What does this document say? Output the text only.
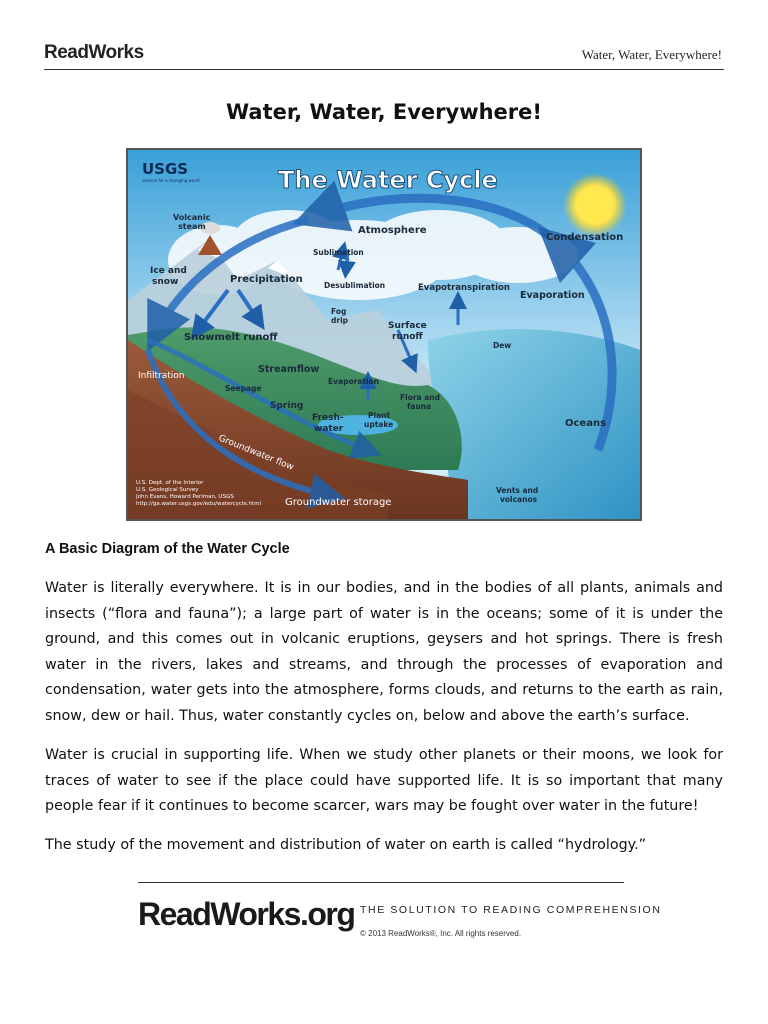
ReadWorks	Water, Water, Everywhere!
Water, Water, Everywhere!
USGS
science for a changing world	The Water Cycle
Volcanic
steam	Atmosphere
Condensation
Sublimation
Desublimation
Ice and
snow	Precipitation
Evapotranspiration
Evaporation
Fog
drip
Surface
runoff
Snowmelt runoff
Dew
Infiltration
Streamflow
Evaporation
Seepage
Spring
Flora and
fauna
Fresh-
water
Plant
uptake	Oceans
Groundwater flow
Vents and
volcanos
Groundwater storage
U.S. Dept. of the Interior
U.S. Geological Survey
John Evans, Howard Perlman, USGS
http://ga.water.usgs.gov/edu/watercycle.html
A Basic Diagram of the Water Cycle

Water is literally everywhere. It is in our bodies, and in the bodies of all plants, animals and insects (“flora and fauna”); a large part of water is in the oceans; some of it is under the ground, and this comes out in volcanic eruptions, geysers and hot springs. There is fresh water in the rivers, lakes and streams, and through the processes of evaporation and condensation, water gets into the atmosphere, forms clouds, and returns to the earth as rain, snow, dew or hail. Thus, water constantly cycles on, below and above the earth’s surface.

Water is crucial in supporting life. When we study other planets or their moons, we look for traces of water to see if the place could have supported life. It is so important that many people fear if it continues to become scarcer, wars may be fought over water in the future!

The study of the movement and distribution of water on earth is called “hydrology.”

ReadWorks.org THE SOLUTION TO READING COMPREHENSION
© 2013 ReadWorks®, Inc. All rights reserved.
